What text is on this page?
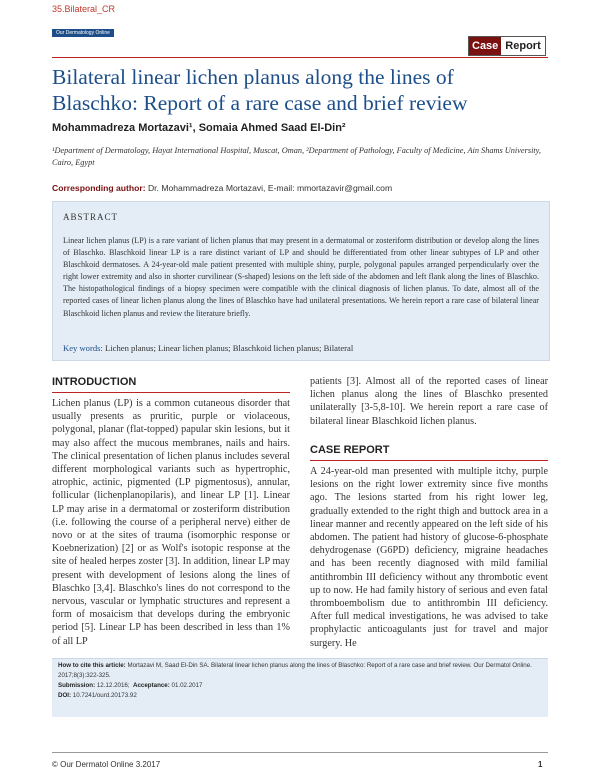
35.Bilateral_CR
Our Dermatology Online
Case Report
Bilateral linear lichen planus along the lines of Blaschko: Report of a rare case and brief review
Mohammadreza Mortazavi¹, Somaia Ahmed Saad El-Din²
¹Department of Dermatology, Hayat International Hospital, Muscat, Oman, ²Department of Pathology, Faculty of Medicine, Ain Shams University, Cairo, Egypt
Corresponding author: Dr. Mohammadreza Mortazavi, E-mail: mmortazavir@gmail.com
ABSTRACT
Linear lichen planus (LP) is a rare variant of lichen planus that may present in a dermatomal or zosteriform distribution or develop along the lines of Blaschko. Blaschkoid linear LP is a rare distinct variant of LP and should be differentiated from other linear subtypes of LP and other Blaschkoid dermatoses. A 24-year-old male patient presented with multiple shiny, purple, polygonal papules arranged perpendicularly over the right lower extremity and also in shorter curvilinear (S-shaped) lesions on the left side of the abdomen and left flank along the lines of Blaschko. The histopathological findings of a biopsy specimen were compatible with the clinical diagnosis of lichen planus. To date, almost all of the reported cases of linear lichen planus along the lines of Blaschko have had unilateral presentations. We herein report a rare case of bilateral linear Blaschkoid lichen planus and review the literature briefly.
Key words: Lichen planus; Linear lichen planus; Blaschkoid lichen planus; Bilateral
INTRODUCTION
Lichen planus (LP) is a common cutaneous disorder that usually presents as pruritic, purple or violaceous, polygonal, planar (flat-topped) papular skin lesions, but it may also affect the mucous membranes, nails and hairs. The clinical presentation of lichen planus includes several different morphological variants such as hypertrophic, atrophic, actinic, pigmented (LP pigmentosus), annular, follicular (lichenplanopilaris), and linear LP [1]. Linear LP may arise in a dermatomal or zosteriform distribution (i.e. following the course of a peripheral nerve) either de novo or at the sites of trauma (isomorphic response or Koebnerization) [2] or as Wolf's isotopic response at the site of healed herpes zoster [3]. In addition, linear LP may present with development of lesions along the lines of Blaschko [3,4]. Blaschko's lines do not correspond to the nervous, vascular or lymphatic structures and represent a form of mosaicism that develops during the embryonic period [5]. Linear LP has been described in less than 1% of all LP
patients [3]. Almost all of the reported cases of linear lichen planus along the lines of Blaschko presented unilaterally [3-5,8-10]. We herein report a rare case of bilateral linear Blaschkoid lichen planus.
CASE REPORT
A 24-year-old man presented with multiple itchy, purple lesions on the right lower extremity since five months ago. The lesions started from his right lower leg, gradually extended to the right thigh and buttock area in a linear manner and recently appeared on the left side of his abdomen. The patient had history of glucose-6-phosphate dehydrogenase (G6PD) deficiency, migraine headaches and has been recently diagnosed with mild familial antithrombin III deficiency without any thrombotic event up to now. He had family history of serious and even fatal thromboembolism due to antithrombin III deficiency. After full medical investigations, he was advised to take prophylactic anticoagulants just for travel and major surgery. He
How to cite this article: Mortazavi M, Saad El-Din SA. Bilateral linear lichen planus along the lines of Blaschko: Report of a rare case and brief review. Our Dermatol Online. 2017;8(3):322-325.
Submission: 12.12.2016; Acceptance: 01.02.2017
DOI: 10.7241/ourd.20173.92
© Our Dermatol Online 3.2017	1
